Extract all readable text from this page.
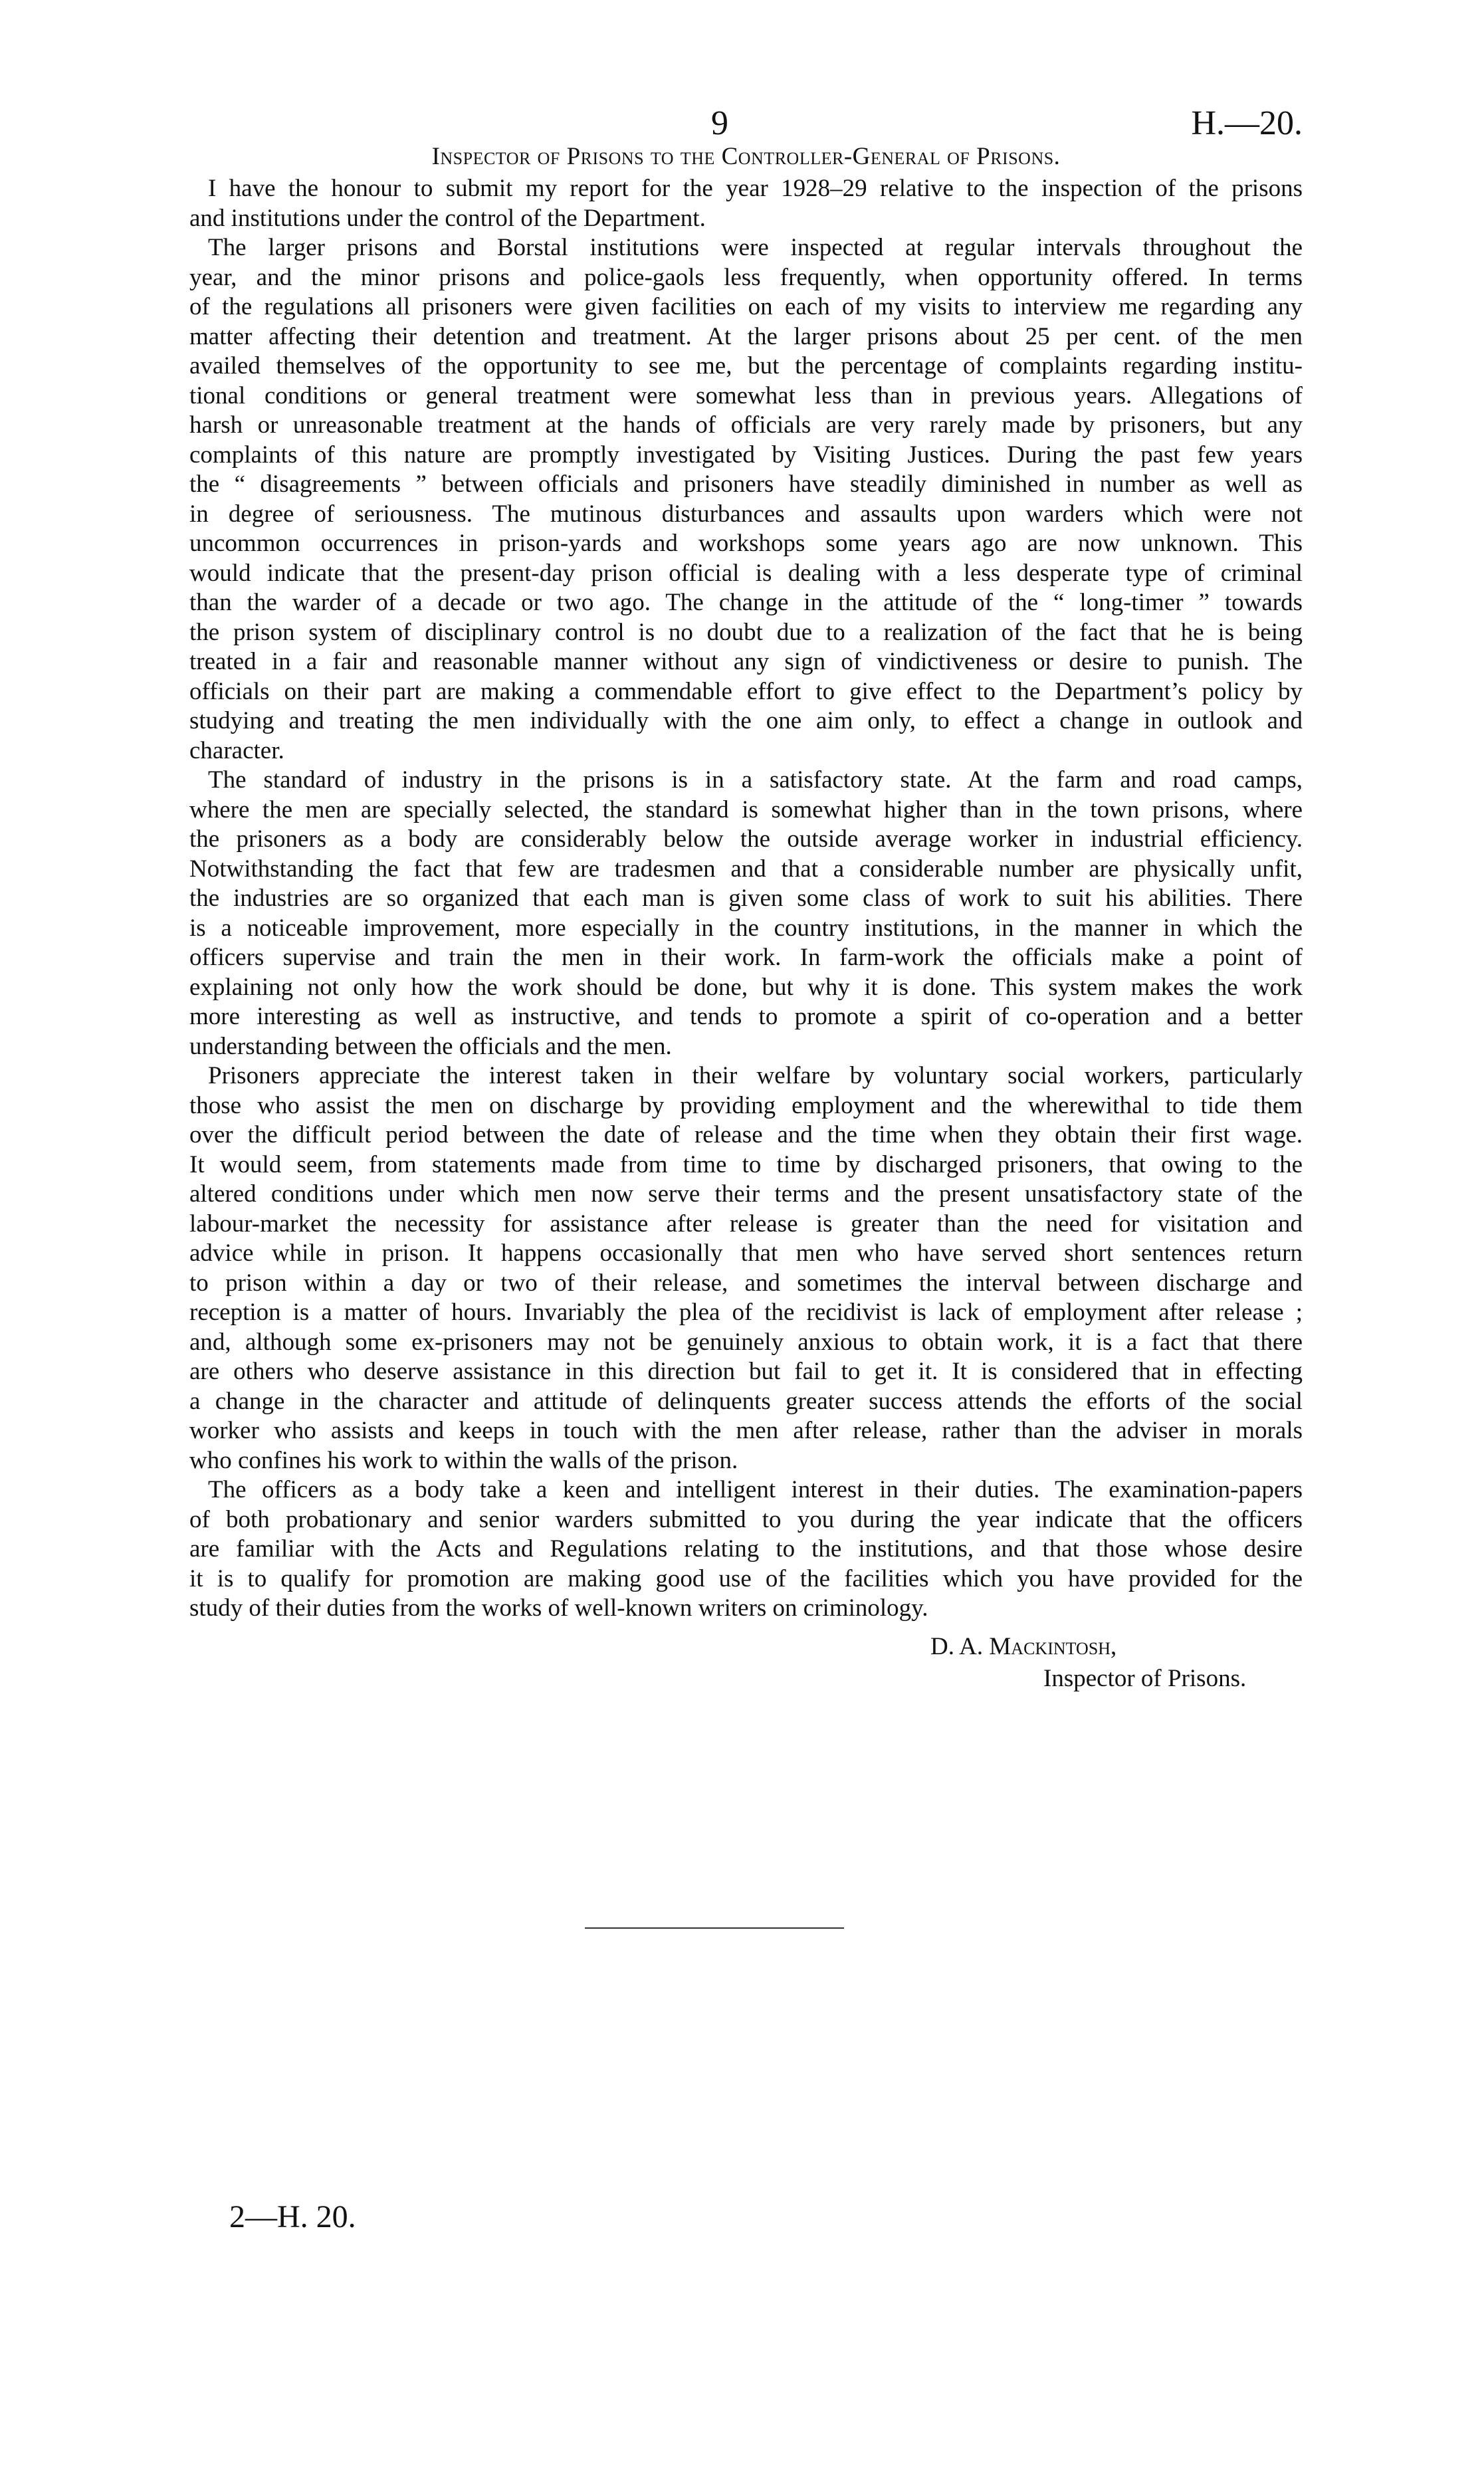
9	H.—20.
Inspector of Prisons to the Controller-General of Prisons.
I have the honour to submit my report for the year 1928–29 relative to the inspection of the prisons
and institutions under the control of the Department.
The larger prisons and Borstal institutions were inspected at regular intervals throughout the
year, and the minor prisons and police-gaols less frequently, when opportunity offered. In terms
of the regulations all prisoners were given facilities on each of my visits to interview me regarding any
matter affecting their detention and treatment. At the larger prisons about 25 per cent. of the men
availed themselves of the opportunity to see me, but the percentage of complaints regarding institu-
tional conditions or general treatment were somewhat less than in previous years. Allegations of
harsh or unreasonable treatment at the hands of officials are very rarely made by prisoners, but any
complaints of this nature are promptly investigated by Visiting Justices. During the past few years
the “ disagreements ” between officials and prisoners have steadily diminished in number as well as
in degree of seriousness. The mutinous disturbances and assaults upon warders which were not
uncommon occurrences in prison-yards and workshops some years ago are now unknown. This
would indicate that the present-day prison official is dealing with a less desperate type of criminal
than the warder of a decade or two ago. The change in the attitude of the “ long-timer ” towards
the prison system of disciplinary control is no doubt due to a realization of the fact that he is being
treated in a fair and reasonable manner without any sign of vindictiveness or desire to punish. The
officials on their part are making a commendable effort to give effect to the Department’s policy by
studying and treating the men individually with the one aim only, to effect a change in outlook and
character.
The standard of industry in the prisons is in a satisfactory state. At the farm and road camps,
where the men are specially selected, the standard is somewhat higher than in the town prisons, where
the prisoners as a body are considerably below the outside average worker in industrial efficiency.
Notwithstanding the fact that few are tradesmen and that a considerable number are physically unfit,
the industries are so organized that each man is given some class of work to suit his abilities. There
is a noticeable improvement, more especially in the country institutions, in the manner in which the
officers supervise and train the men in their work. In farm-work the officials make a point of
explaining not only how the work should be done, but why it is done. This system makes the work
more interesting as well as instructive, and tends to promote a spirit of co-operation and a better
understanding between the officials and the men.
Prisoners appreciate the interest taken in their welfare by voluntary social workers, particularly
those who assist the men on discharge by providing employment and the wherewithal to tide them
over the difficult period between the date of release and the time when they obtain their first wage.
It would seem, from statements made from time to time by discharged prisoners, that owing to the
altered conditions under which men now serve their terms and the present unsatisfactory state of the
labour-market the necessity for assistance after release is greater than the need for visitation and
advice while in prison. It happens occasionally that men who have served short sentences return
to prison within a day or two of their release, and sometimes the interval between discharge and
reception is a matter of hours. Invariably the plea of the recidivist is lack of employment after release ;
and, although some ex-prisoners may not be genuinely anxious to obtain work, it is a fact that there
are others who deserve assistance in this direction but fail to get it. It is considered that in effecting
a change in the character and attitude of delinquents greater success attends the efforts of the social
worker who assists and keeps in touch with the men after release, rather than the adviser in morals
who confines his work to within the walls of the prison.
The officers as a body take a keen and intelligent interest in their duties. The examination-papers
of both probationary and senior warders submitted to you during the year indicate that the officers
are familiar with the Acts and Regulations relating to the institutions, and that those whose desire
it is to qualify for promotion are making good use of the facilities which you have provided for the
study of their duties from the works of well-known writers on criminology.
D. A. Mackintosh,
Inspector of Prisons.
2—H. 20.
